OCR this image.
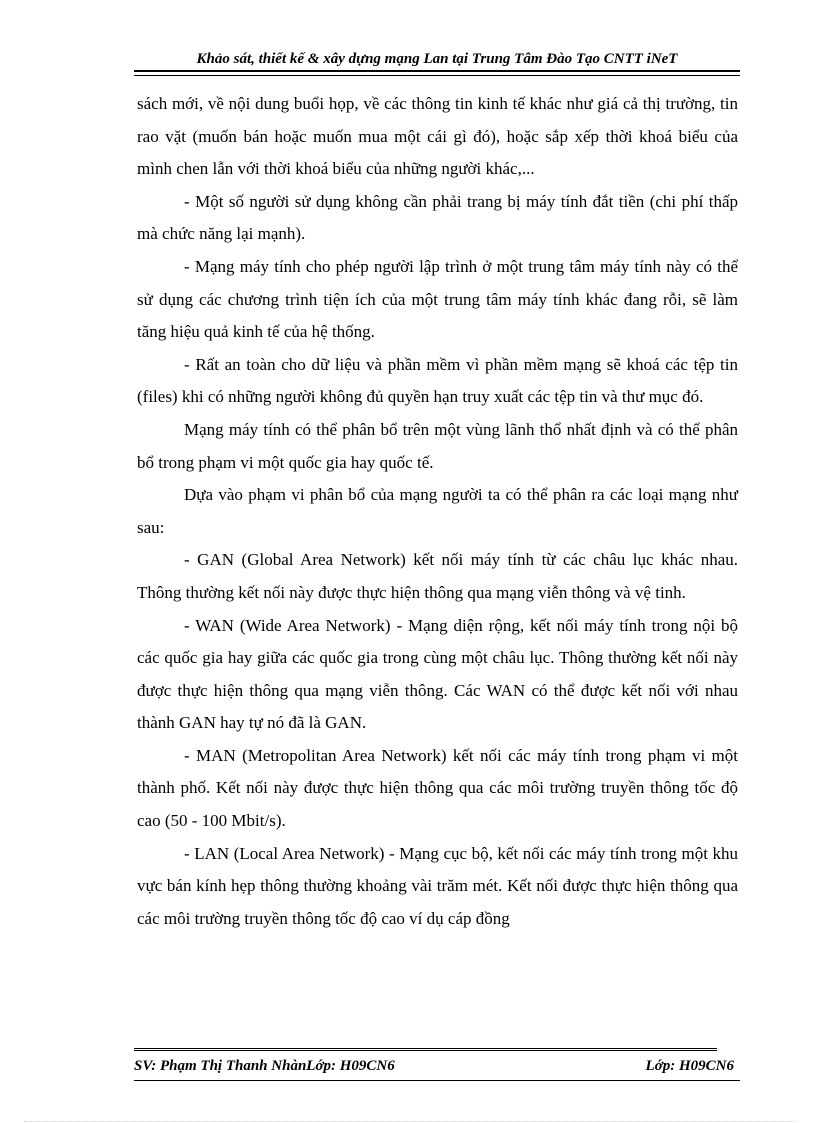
Khảo sát, thiết kế & xây dựng mạng Lan tại Trung Tâm Đào Tạo CNTT iNeT

sách mới, về nội dung buổi họp, về các thông tin kinh tế khác như giá cả thị trường, tin rao vặt (muốn bán hoặc muốn mua một cái gì đó), hoặc sắp xếp thời khoá biểu của mình chen lẫn với thời khoá biểu của những người khác,...

- Một số người sử dụng không cần phải trang bị máy tính đắt tiền (chi phí thấp mà chức năng lại mạnh).

- Mạng máy tính cho phép người lập trình ở một trung tâm máy tính này có thể sử dụng các chương trình tiện ích của một trung tâm máy tính khác đang rỗi, sẽ làm tăng hiệu quả kinh tế của hệ thống.

- Rất an toàn cho dữ liệu và phần mềm vì phần mềm mạng sẽ khoá các tệp tin (files) khi có những người không đủ quyền hạn truy xuất các tệp tin và thư mục đó.

Mạng máy tính có thể phân bổ trên một vùng lãnh thổ nhất định và có thể phân bổ trong phạm vi một quốc gia hay quốc tế.

Dựa vào phạm vi phân bổ của mạng người ta có thể phân ra các loại mạng như sau:

- GAN (Global Area Network) kết nối máy tính từ các châu lục khác nhau. Thông thường kết nối này được thực hiện thông qua mạng viễn thông và vệ tinh.

- WAN (Wide Area Network) - Mạng diện rộng, kết nối máy tính trong nội bộ các quốc gia hay giữa các quốc gia trong cùng một châu lục. Thông thường kết nối này được thực hiện thông qua mạng viễn thông. Các WAN có thể được kết nối với nhau thành GAN hay tự nó đã là GAN.

- MAN (Metropolitan Area Network) kết nối các máy tính trong phạm vi một thành phố. Kết nối này được thực hiện thông qua các môi trường truyền thông tốc độ cao (50 - 100 Mbit/s).

- LAN (Local Area Network) - Mạng cục bộ, kết nối các máy tính trong một khu vực bán kính hẹp thông thường khoảng vài trăm mét. Kết nối được thực hiện thông qua các môi trường truyền thông tốc độ cao ví dụ cáp đồng

SV: Phạm Thị Thanh NhànLớp: H09CN6	Lớp: H09CN6
